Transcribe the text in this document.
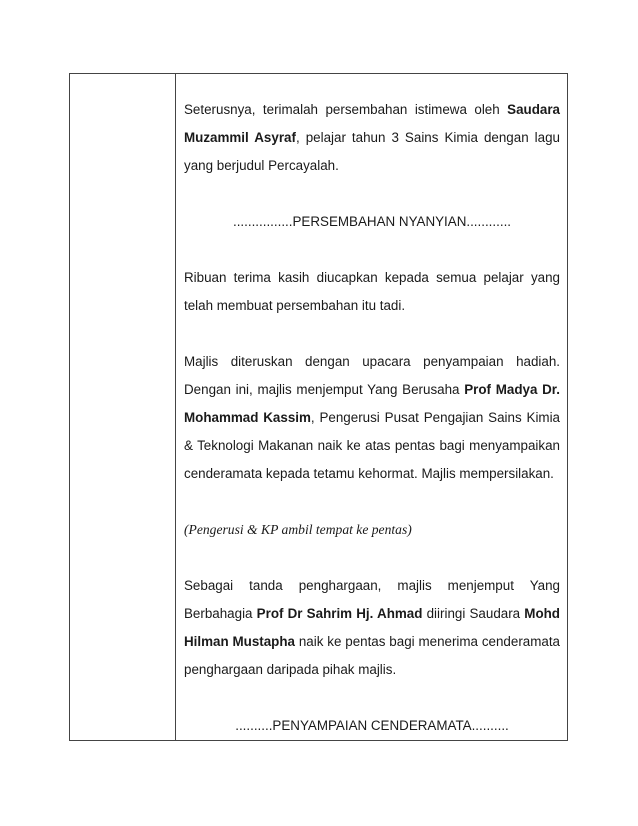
Seterusnya, terimalah persembahan istimewa oleh Saudara Muzammil Asyraf, pelajar tahun 3 Sains Kimia dengan lagu yang berjudul Percayalah.

................PERSEMBAHAN NYANYIAN............

Ribuan terima kasih diucapkan kepada semua pelajar yang telah membuat persembahan itu tadi.

Majlis diteruskan dengan upacara penyampaian hadiah. Dengan ini, majlis menjemput Yang Berusaha Prof Madya Dr. Mohammad Kassim, Pengerusi Pusat Pengajian Sains Kimia & Teknologi Makanan naik ke atas pentas bagi menyampaikan cenderamata kepada tetamu kehormat. Majlis mempersilakan.

(Pengerusi & KP ambil tempat ke pentas)

Sebagai tanda penghargaan, majlis menjemput Yang Berbahagia Prof Dr Sahrim Hj. Ahmad diiringi Saudara Mohd Hilman Mustapha naik ke pentas bagi menerima cenderamata penghargaan daripada pihak majlis.

..........PENYAMPAIAN CENDERAMATA..........
